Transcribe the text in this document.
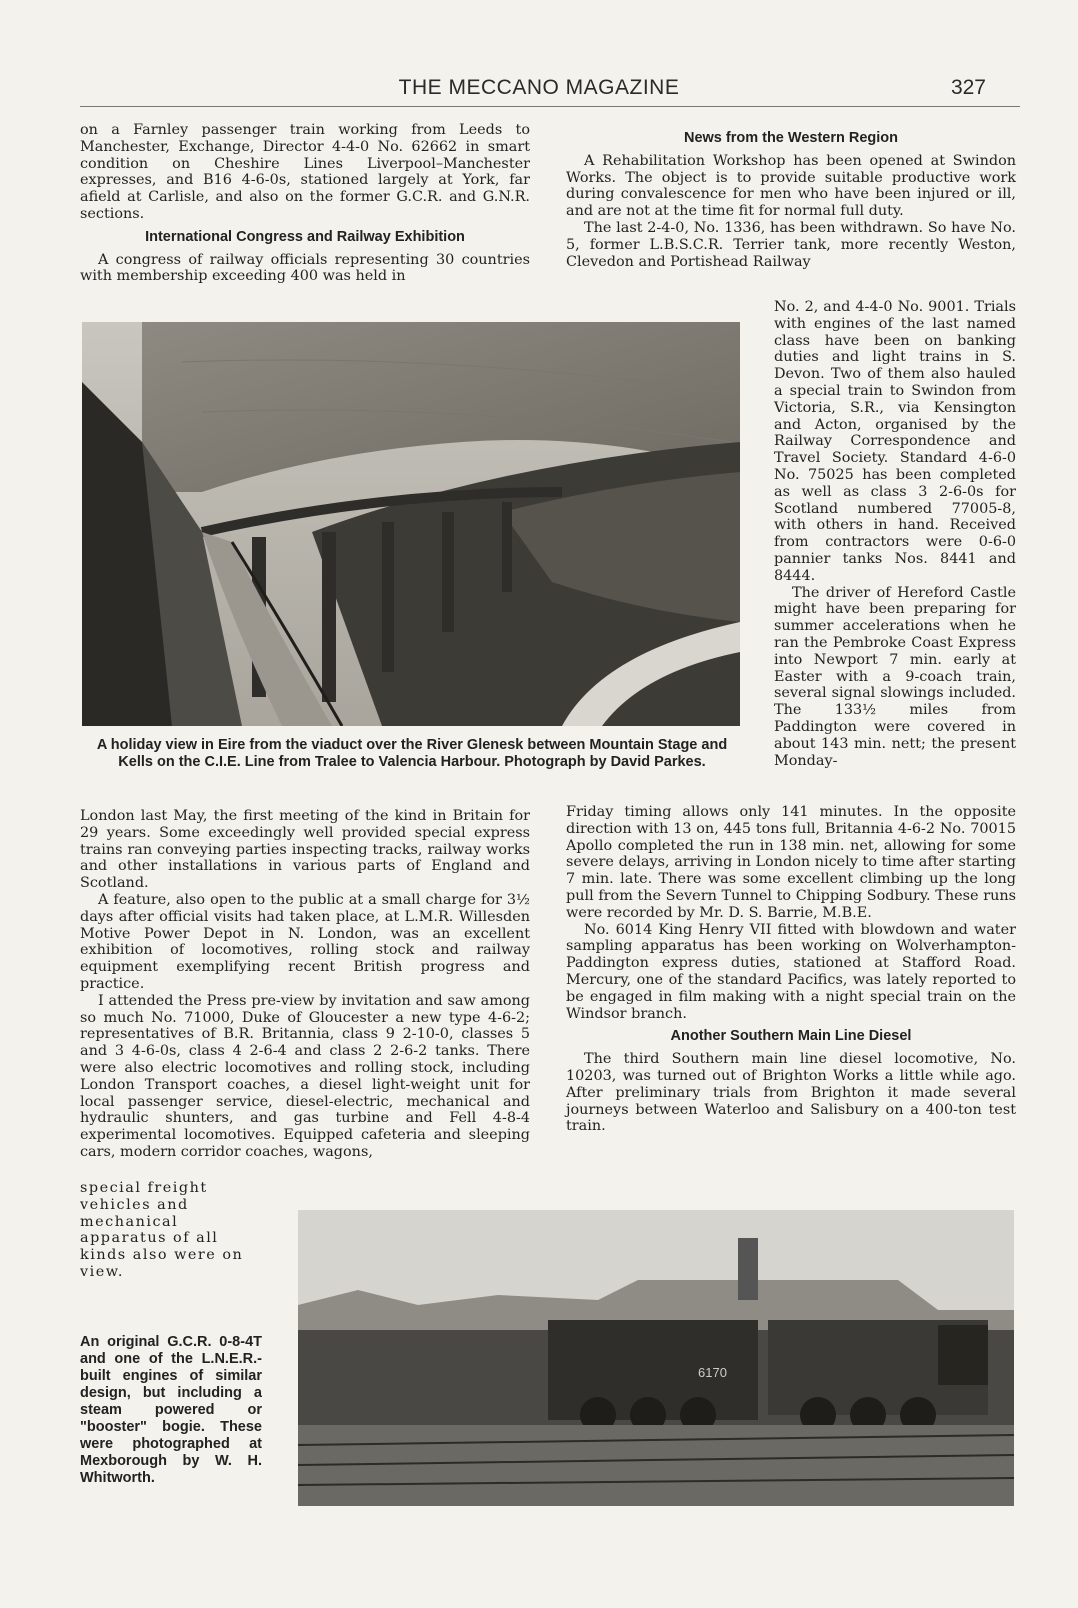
THE MECCANO MAGAZINE	327

on a Farnley passenger train working from Leeds to Manchester, Exchange, Director 4-4-0 No. 62662 in smart condition on Cheshire Lines Liverpool–Manchester expresses, and B16 4-6-0s, stationed largely at York, far afield at Carlisle, and also on the former G.C.R. and G.N.R. sections.

International Congress and Railway Exhibition

A congress of railway officials representing 30 countries with membership exceeding 400 was held in

A holiday view in Eire from the viaduct over the River Glenesk between Mountain Stage and Kells on the C.I.E. Line from Tralee to Valencia Harbour. Photograph by David Parkes.

London last May, the first meeting of the kind in Britain for 29 years. Some exceedingly well provided special express trains ran conveying parties inspecting tracks, railway works and other installations in various parts of England and Scotland.

A feature, also open to the public at a small charge for 3½ days after official visits had taken place, at L.M.R. Willesden Motive Power Depot in N. London, was an excellent exhibition of locomotives, rolling stock and railway equipment exemplifying recent British progress and practice.

I attended the Press pre-view by invitation and saw among so much No. 71000, Duke of Gloucester a new type 4-6-2; representatives of B.R. Britannia, class 9 2-10-0, classes 5 and 3 4-6-0s, class 4 2-6-4 and class 2 2-6-2 tanks. There were also electric locomotives and rolling stock, including London Transport coaches, a diesel light-weight unit for local passenger service, diesel-electric, mechanical and hydraulic shunters, and gas turbine and Fell 4-8-4 experimental locomotives. Equipped cafeteria and sleeping cars, modern corridor coaches, wagons,

special freight vehicles and mechanical apparatus of all kinds also were on view.

News from the Western Region

A Rehabilitation Workshop has been opened at Swindon Works. The object is to provide suitable productive work during convalescence for men who have been injured or ill, and are not at the time fit for normal full duty.

The last 2-4-0, No. 1336, has been withdrawn. So have No. 5, former L.B.S.C.R. Terrier tank, more recently Weston, Clevedon and Portishead Railway

No. 2, and 4-4-0 No. 9001. Trials with engines of the last named class have been on banking duties and light trains in S. Devon. Two of them also hauled a special train to Swindon from Victoria, S.R., via Kensington and Acton, organised by the Railway Correspondence and Travel Society. Standard 4-6-0 No. 75025 has been completed as well as class 3 2-6-0s for Scotland numbered 77005-8, with others in hand. Received from contractors were 0-6-0 pannier tanks Nos. 8441 and 8444.

The driver of Hereford Castle might have been preparing for summer accelerations when he ran the Pembroke Coast Express into Newport 7 min. early at Easter with a 9-coach train, several signal slowings included. The 133½ miles from Paddington were covered in about 143 min. nett; the present Monday-

Friday timing allows only 141 minutes. In the opposite direction with 13 on, 445 tons full, Britannia 4-6-2 No. 70015 Apollo completed the run in 138 min. net, allowing for some severe delays, arriving in London nicely to time after starting 7 min. late. There was some excellent climbing up the long pull from the Severn Tunnel to Chipping Sodbury. These runs were recorded by Mr. D. S. Barrie, M.B.E.

No. 6014 King Henry VII fitted with blowdown and water sampling apparatus has been working on Wolverhampton-Paddington express duties, stationed at Stafford Road. Mercury, one of the standard Pacifics, was lately reported to be engaged in film making with a night special train on the Windsor branch.

Another Southern Main Line Diesel

The third Southern main line diesel locomotive, No. 10203, was turned out of Brighton Works a little while ago. After preliminary trials from Brighton it made several journeys between Waterloo and Salisbury on a 400-ton test train.

6170
An original G.C.R. 0-8-4T and one of the L.N.E.R.-built engines of similar design, but including a steam powered or "booster" bogie. These were photographed at Mexborough by W. H. Whitworth.
